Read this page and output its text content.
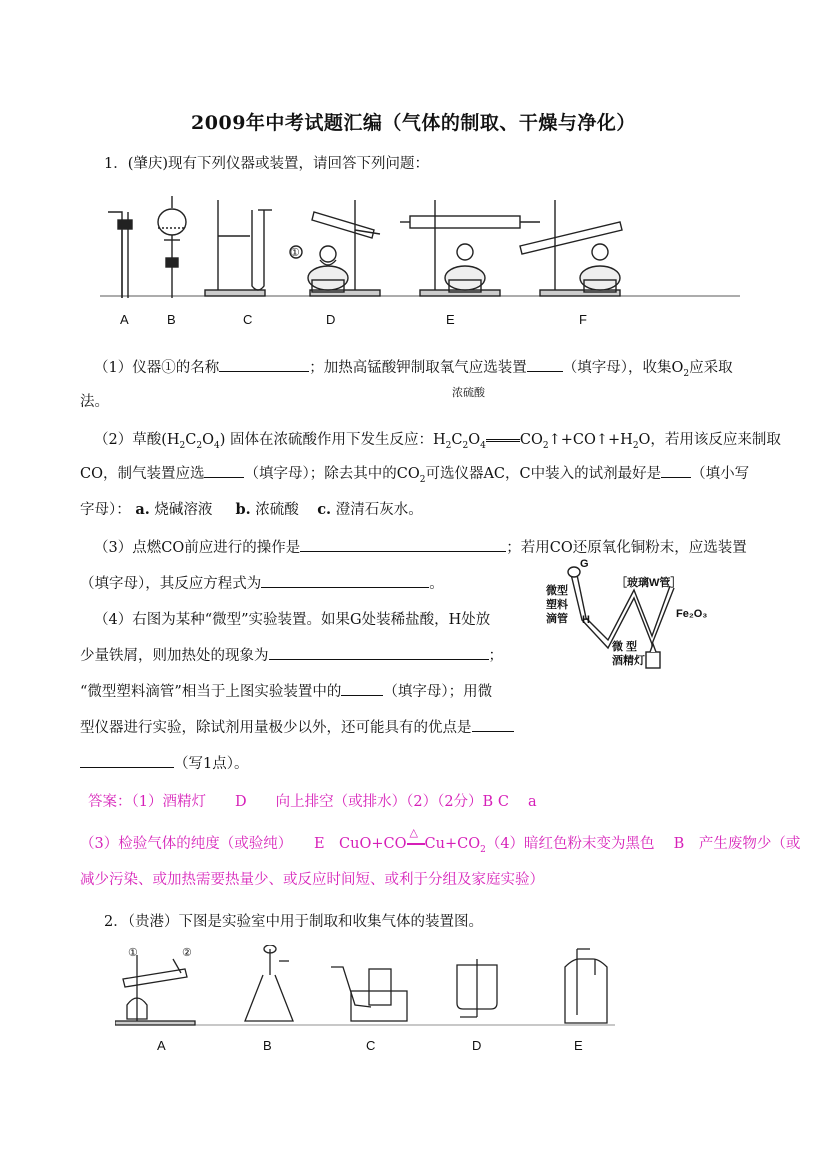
2009年中考试题汇编（气体的制取、干燥与净化）
1．(肇庆)现有下列仪器或装置，请回答下列问题：
①
A	B	C	D	E	F
（1）仪器①的名称	；加热高锰酸钾制取氧气应选装置 （填字母），收集$O_2$应采取
法。
浓硫酸
（2）草酸$(H_2C_2O_4)$ 固体在浓硫酸作用下发生反应：$H_2C_2O_4$ $CO_2↑+CO↑+H_2O$，若用该反应来制取
CO，制气装置应选	（填字母）；除去其中的$CO_2$可选仪器AC，C中装入的试剂最好是 （填小写
字母）： a. 烧碱溶液 b. 浓硫酸 c. 澄清石灰水。
（3）点燃CO前应进行的操作是	；若用CO还原氧化铜粉末，应选装置
（填字母），其反应方程式为	。
（4）右图为某种“微型”实验装置。如果G处装稀盐酸，H处放
少量铁屑，则加热处的现象为	；
“微型塑料滴管”相当于上图实验装置中的	（填字母）；用微
型仪器进行实验，除试剂用量极少以外，还可能具有的优点是
（写1点）。
G
［玻璃W管］
微型
塑料
滴管 H	Fe₂O₃
微 型
酒精灯
答案：（1）酒精灯　　D　　向上排空（或排水）（2）（2分）B C　 a
（3）检验气体的纯度（或验纯）　　E　CuO+CO
△
$Cu+CO_2(4)$暗红色粉末变为黑色　 B　产生废物少（或
减少污染、或加热需要热量少、或反应时间短、或利于分组及家庭实验）
2．（贵港）下图是实验室中用于制取和收集气体的装置图。
①	②
A	B	C	D	E
